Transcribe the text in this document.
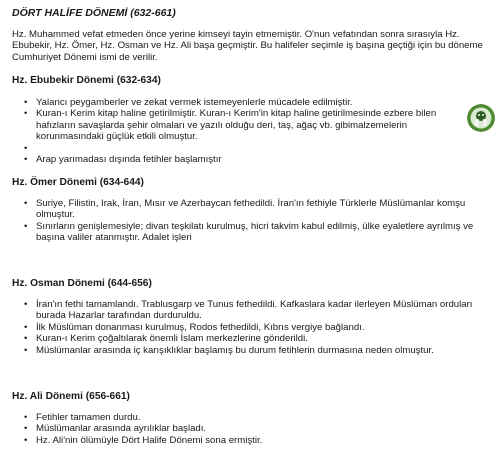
DÖRT HALİFE DÖNEMİ (632-661)

Hz. Muhammed vefat etmeden önce yerine kimseyi tayin etmemiştir. O'nun vefatından sonra sırasıyla Hz. Ebubekir, Hz. Ömer, Hz. Osman ve Hz. Ali başa geçmiştir. Bu halifeler seçimle iş başına geçtiği için bu döneme Cumhuriyet Dönemi ismi de verilir.

Hz. Ebubekir Dönemi (632-634)
• Yalancı peygamberler ve zekat vermek istemeyenlerle mücadele edilmiştir.
• Kuran-ı Kerim kitap haline getirilmiştir. Kuran-ı Kerim'in kitap haline getirilmesinde ezbere bilen hafızların savaşlarda şehir olmaları ve yazılı olduğu deri, taş, ağaç vb. gibimalzemelerin korunmasındaki güçlük etkili olmuştur.
•
• Arap yarımadası dışında fetihler başlamıştır
Hz. Ömer Dönemi (634-644)
• Suriye, Filistin, Irak, İran, Mısır ve Azerbaycan fethedildi. İran'ın fethiyle Türklerle Müslümanlar komşu olmuştur.
• Sınırların genişlemesiyle; divan teşkilatı kurulmuş, hicri takvim kabul edilmiş, ülke eyaletlere ayrılmış ve başına valiler atanmıştır. Adalet işleri
Hz. Osman Dönemi (644-656)
• İran'ın fethi tamamlandı. Trablusgarp ve Tunus fethedildi. Kafkaslara kadar ilerleyen Müslüman orduları burada Hazarlar tarafından durduruldu.
• İlk Müslüman donanması kurulmuş, Rodos fethedildi, Kıbrıs vergiye bağlandı.
• Kuran-ı Kerim çoğaltılarak önemli İslam merkezlerine gönderildi.
• Müslümanlar arasında iç karışıklıklar başlamış bu durum fetihlerin durmasına neden olmuştur.
Hz. Ali Dönemi (656-661)
• Fetihler tamamen durdu.
• Müslümanlar arasında ayrılıklar başladı.
• Hz. Ali'nin ölümüyle Dört Halife Dönemi sona ermiştir.
